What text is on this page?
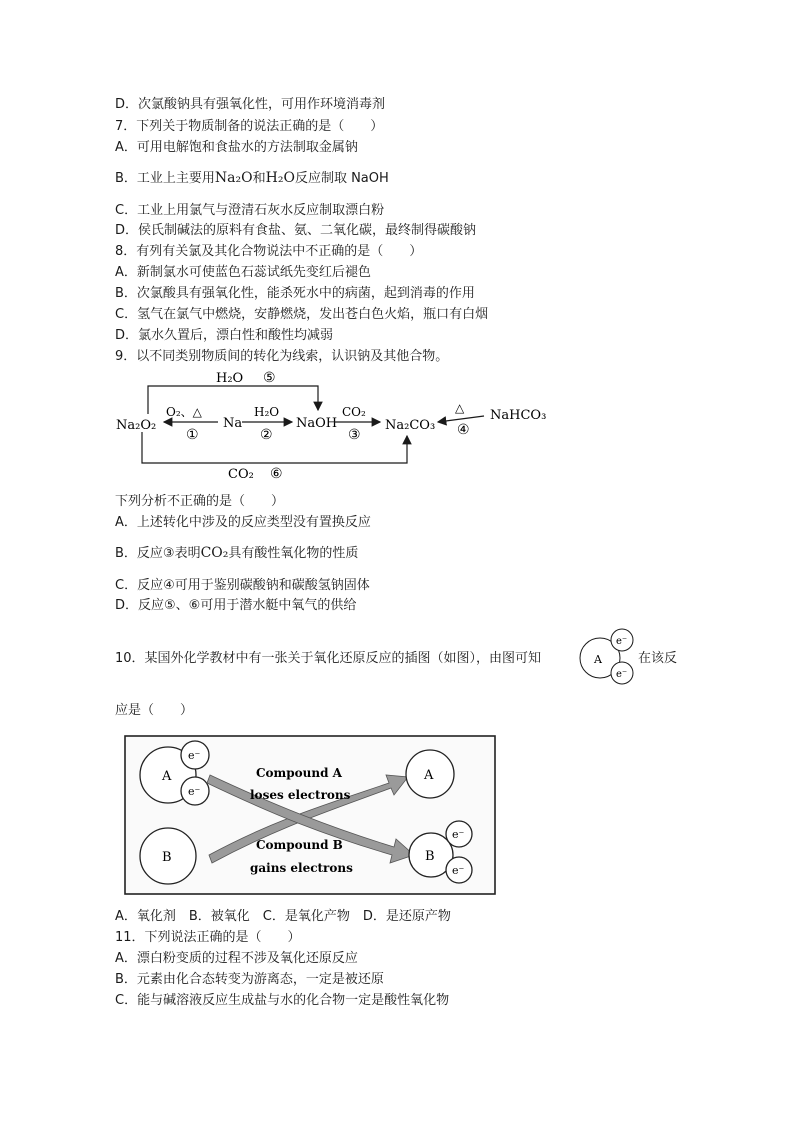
D．次氯酸钠具有强氧化性，可用作环境消毒剂
7．下列关于物质制备的说法正确的是（　　）
A．可用电解饱和食盐水的方法制取金属钠
B．工业上主要用Na₂O和H₂O反应制取 NaOH
C．工业上用氯气与澄清石灰水反应制取漂白粉
D．侯氏制碱法的原料有食盐、氨、二氧化碳，最终制得碳酸钠
8．有列有关氯及其化合物说法中不正确的是（　　）
A．新制氯水可使蓝色石蕊试纸先变红后褪色
B．次氯酸具有强氧化性，能杀死水中的病菌，起到消毒的作用
C．氢气在氯气中燃烧，安静燃烧，发出苍白色火焰，瓶口有白烟
D．氯水久置后，漂白性和酸性均减弱
9．以不同类别物质间的转化为线索，认识钠及其他合物。
H₂O ⑤
CO₂ ⑥
Na₂O₂	Na	NaOH	Na₂CO₃
NaHCO₃
O₂、△
①
H₂O
②
CO₂
③
△
④
下列分析不正确的是（　　）
A．上述转化中涉及的反应类型没有置换反应
B．反应③表明CO₂具有酸性氧化物的性质
C．反应④可用于鉴别碳酸钠和碳酸氢钠固体
D．反应⑤、⑥可用于潜水艇中氧气的供给
10．某国外化学教材中有一张关于氧化还原反应的插图（如图），由图可知	A
e⁻
e⁻
在该反
应是（　　）
A
e⁻
e⁻
B
Compound A
loses electrons
Compound B
gains electrons
A
B
e⁻
e⁻
A．氧化剂　B．被氧化　C．是氧化产物　D．是还原产物
11．下列说法正确的是（　　）
A．漂白粉变质的过程不涉及氧化还原反应
B．元素由化合态转变为游离态，一定是被还原
C．能与碱溶液反应生成盐与水的化合物一定是酸性氧化物
